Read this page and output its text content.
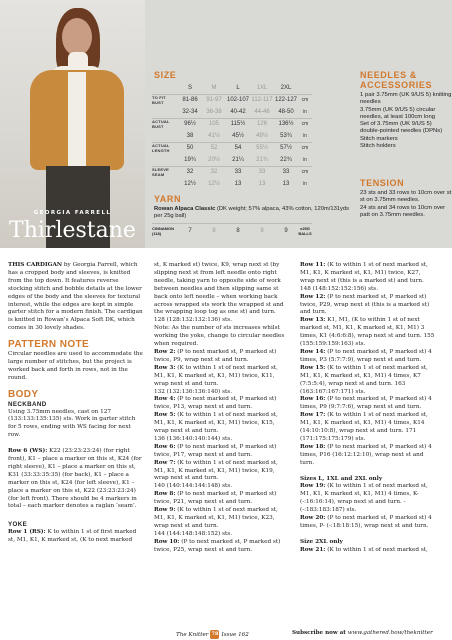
GEORGIA FARRELL
Thirlestane
SIZE
	S	M	L	1XL	2XL	
TO FIT BUST	81-86	91-97	102-107	112-117	122-127	cm
	32-34	36-38	40-42	44-46	48-50	in
ACTUAL BUST	96½	105	115½	126	136½	cm
	38	41½	45½	49½	53¾	in
ACTUAL LENGTH	50	52	54	55½	57½	cm
	19¾	20½	21¼	21¾	22¾	in
SLEEVE SEAM	32	32	33	33	33	cm
	12½	12½	13	13	13	in
YARN
Rowan Alpaca Classic (DK weight; 57% alpaca, 43% cotton, 120m/131yds per 25g ball)
CINNAMON (118)	7	8	8	9	9	x25G BALLS
NEEDLES & ACCESSORIES
1 pair 3.75mm (UK 9/US 5) knitting needles
3.75mm (UK 9/US 5) circular needles, at least 100cm long
Set of 3.75mm (UK 9/US 5) double-pointed needles (DPNs)
Stitch markers
Stitch holders
TENSION
23 sts and 33 rows to 10cm over st st on 3.75mm needles.
24 sts and 34 rows to 10cm over patt on 3.75mm needles.

THIS CARDIGAN by Georgia Farrell, which has a cropped body and sleeves, is knitted from the top down. It features reverse stocking stitch and bobble details at the lower edges of the body and the sleeves for textural interest, while the edges are kept in simple garter stitch for a modern finish. The cardigan is knitted in Rowan’s Alpaca Soft DK, which comes in 30 lovely shades.

PATTERN NOTE

Circular needles are used to accommodate the large number of stitches, but the project is worked back and forth in rows, not in the round.

BODY
NECKBAND

Using 3.75mm needles, cast on 127 (133:133:135:135) sts. Work in garter stitch for 5 rows, ending with WS facing for next row.

Row 6 (WS): K22 (23:23:23:24) (for right front), K1 – place a marker on this st, K24 (for right sleeve), K1 – place a marker on this st, K31 (33:33:35:35) (for back), K1 – place a marker on this st, K24 (for left sleeve), K1 – place a marker on this st, K22 (23:23:23:24) (for left front). There should be 4 markers in total – each marker denotes a raglan ‘seam’.

YOKE

Row 1 (RS): K to within 1 st of first marked st, M1, K1, K marked st, (K to next marked

st, K marked st) twice, K9, wrap next st (by slipping next st from left needle onto right needle, taking yarn to opposite side of work between needles and then slipping same st back onto left needle – when working back across wrapped sts work the wrapped st and the wrapping loop tog as one st) and turn.

128 (128:132:132:136) sts.

Note: As the number of sts increases whilst working the yoke, change to circular needles when required.

Row 2: (P to next marked st, P marked st) twice, P9, wrap next st and turn.

Row 3: (K to within 1 st of next marked st, M1, K1, K marked st, K1, M1) twice, K11, wrap next st and turn.

132 (132:136:136:140) sts.

Row 4: (P to next marked st, P marked st) twice, P13, wrap next st and turn.

Row 5: (K to within 1 st of next marked st, M1, K1, K marked st, K1, M1) twice, K15, wrap next st and turn.

136 (136:140:140:144) sts.

Row 6: (P to next marked st, P marked st) twice, P17, wrap next st and turn.

Row 7: (K to within 1 st of next marked st, M1, K1, K marked st, K1, M1) twice, K19, wrap next st and turn.

140 (140:144:144:148) sts.

Row 8: (P to next marked st, P marked st) twice, P21, wrap next st and turn.

Row 9: (K to within 1 st of next marked st, M1, K1, K marked st, K1, M1) twice, K23, wrap next st and turn.

144 (144:148:148:152) sts.

Row 10: (P to next marked st, P marked st) twice, P25, wrap next st and turn.

Row 11: (K to within 1 st of next marked st, M1, K1, K marked st, K1, M1) twice, K27, wrap next st (this is a marked st) and turn. 148 (148:152:152:156) sts.

Row 12: (P to next marked st, P marked st) twice, P29, wrap next st (this is a marked st) and turn.

Row 13: K1, M1, (K to within 1 st of next marked st, M1, K1, K marked st, K1, M1) 3 times, K1 (4:6:6:8), wrap next st and turn. 155 (155:159:159:163) sts.

Row 14: (P to next marked st, P marked st) 4 times, P3 (5:7:7:9), wrap next st and turn.

Row 15: (K to within 1 st of next marked st, M1, K1, K marked st, K1, M1) 4 times, K7 (7:5:5:4), wrap next st and turn. 163 (163:167:167:171) sts.

Row 16: (P to next marked st, P marked st) 4 times, P9 (9:7:7:6), wrap next st and turn.

Row 17: (K to within 1 st of next marked st, M1, K1, K marked st, K1, M1) 4 times, K14 (14:10:10:8), wrap next st and turn. 171 (171:175:175:179) sts.

Row 18: (P to next marked st, P marked st) 4 times, P16 (16:12:12:10), wrap next st and turn.

Sizes L, 1XL and 2XL only

Row 19: (K to within 1 st of next marked st, M1, K1, K marked st, K1, M1) 4 times, K- (-:16:16:14), wrap next st and turn. -(-:183:183:187) sts.

Row 20: (P to next marked st, P marked st) 4 times, P- (-:18:18:15), wrap next st and turn.

Size 2XL only

Row 21: (K to within 1 st of next marked st,

The Knitter 78 Issue 162	Subscribe now at www.gathered.how/theknitter
